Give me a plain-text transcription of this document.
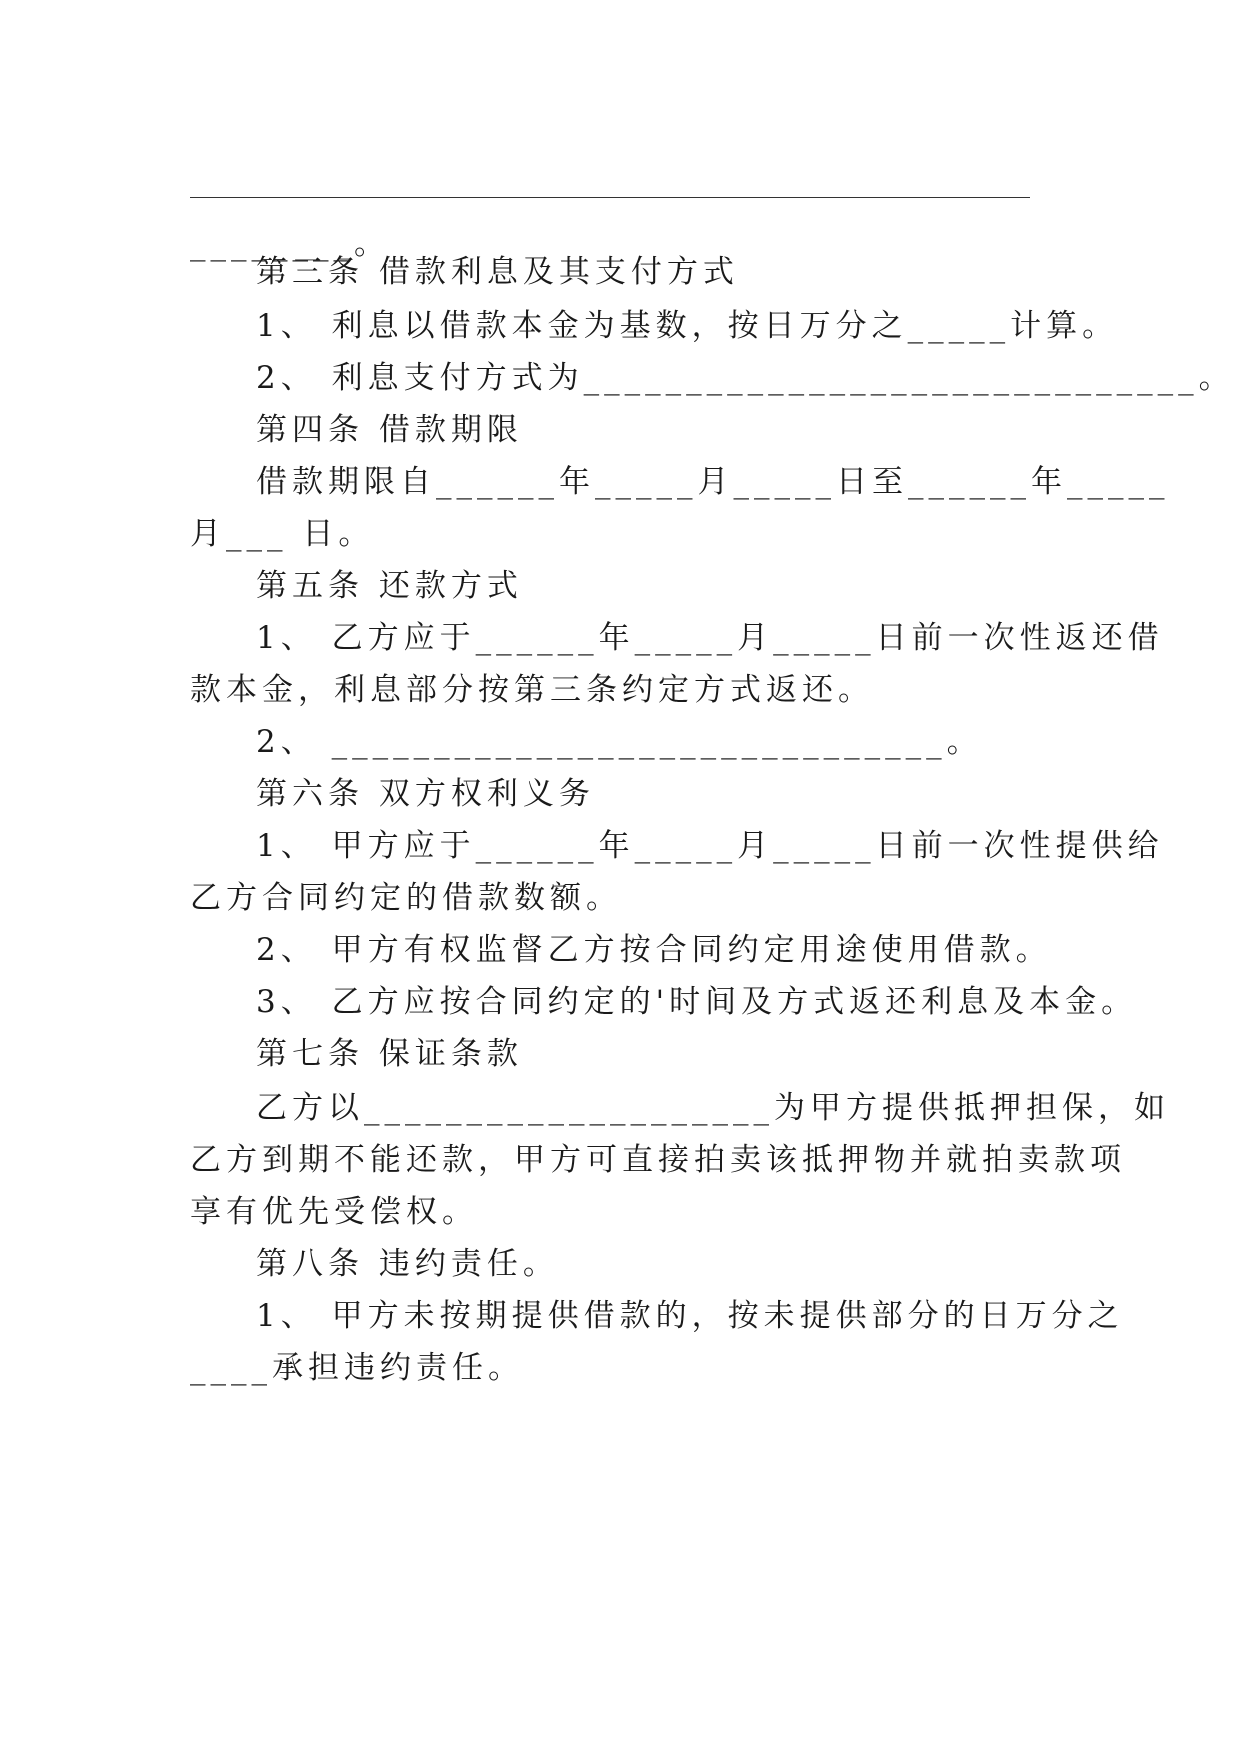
________。
第三条 借款利息及其支付方式
1、 利息以借款本金为基数，按日万分之_____计算。
2、 利息支付方式为______________________________。
第四条 借款期限
借款期限自______年_____月_____日至______年_____
月___ 日。
第五条 还款方式
1、 乙方应于______年_____月_____日前一次性返还借
款本金，利息部分按第三条约定方式返还。
2、 ______________________________。
第六条 双方权利义务
1、 甲方应于______年_____月_____日前一次性提供给
乙方合同约定的借款数额。
2、 甲方有权监督乙方按合同约定用途使用借款。
3、 乙方应按合同约定的'时间及方式返还利息及本金。
第七条 保证条款
乙方以____________________为甲方提供抵押担保，如
乙方到期不能还款，甲方可直接拍卖该抵押物并就拍卖款项
享有优先受偿权。
第八条 违约责任。
1、 甲方未按期提供借款的，按未提供部分的日万分之
____承担违约责任。
